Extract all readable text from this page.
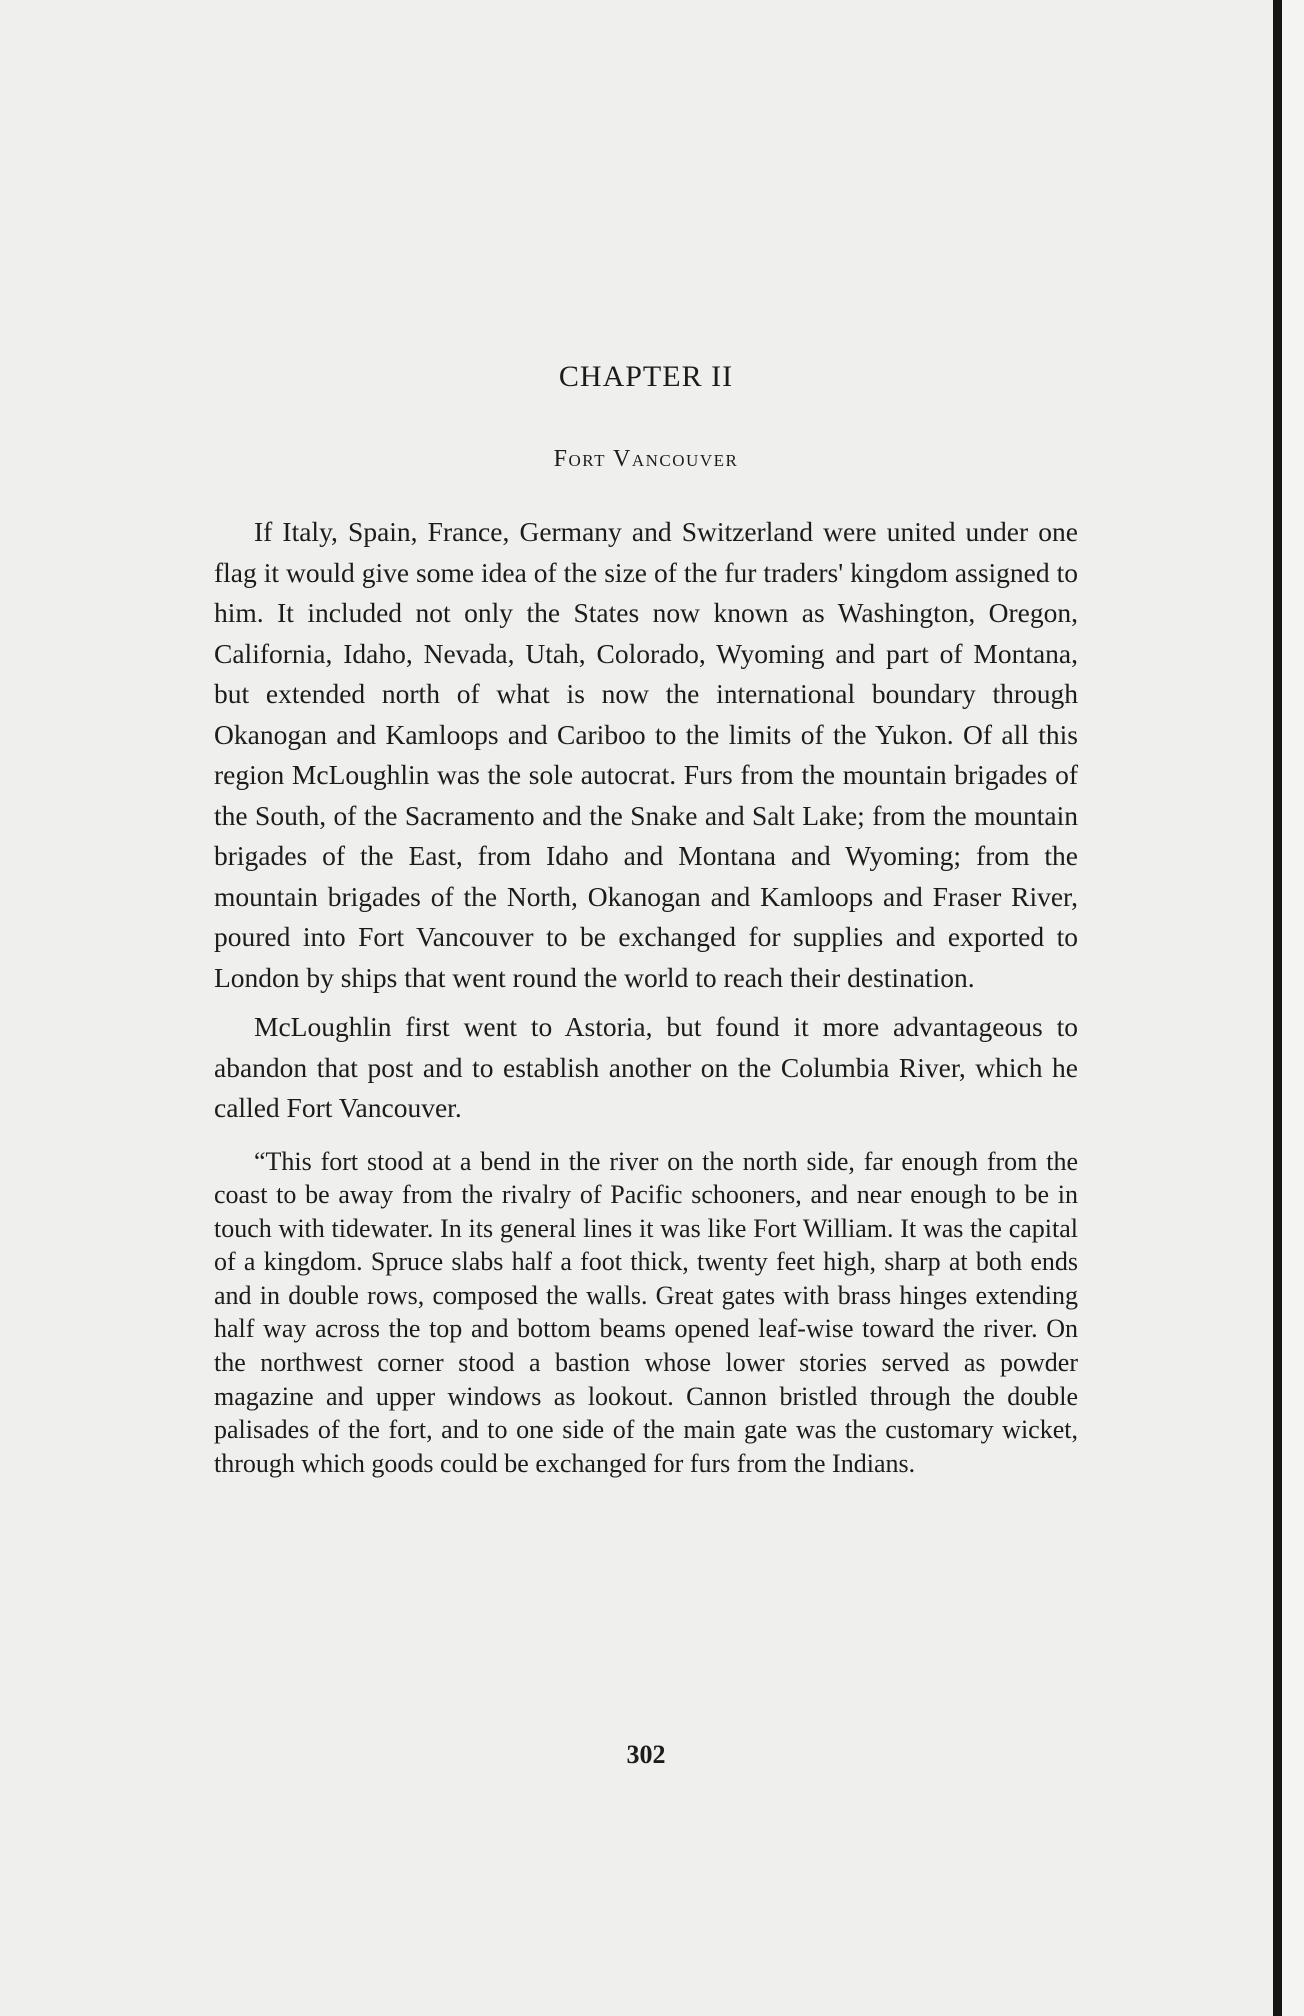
CHAPTER II
Fort Vancouver

If Italy, Spain, France, Germany and Switzerland were united under one flag it would give some idea of the size of the fur traders' kingdom assigned to him. It included not only the States now known as Washington, Oregon, California, Idaho, Nevada, Utah, Colorado, Wyoming and part of Montana, but extended north of what is now the international boundary through Okanogan and Kamloops and Cariboo to the limits of the Yukon. Of all this region McLoughlin was the sole autocrat. Furs from the mountain brigades of the South, of the Sacramento and the Snake and Salt Lake; from the mountain brigades of the East, from Idaho and Montana and Wyoming; from the mountain brigades of the North, Okanogan and Kamloops and Fraser River, poured into Fort Vancouver to be exchanged for supplies and exported to London by ships that went round the world to reach their destination.

McLoughlin first went to Astoria, but found it more advantageous to abandon that post and to establish another on the Columbia River, which he called Fort Vancouver.

“This fort stood at a bend in the river on the north side, far enough from the coast to be away from the rivalry of Pacific schooners, and near enough to be in touch with tidewater. In its general lines it was like Fort William. It was the capital of a kingdom. Spruce slabs half a foot thick, twenty feet high, sharp at both ends and in double rows, composed the walls. Great gates with brass hinges extending half way across the top and bottom beams opened leaf-wise toward the river. On the northwest corner stood a bastion whose lower stories served as powder magazine and upper windows as lookout. Cannon bristled through the double palisades of the fort, and to one side of the main gate was the customary wicket, through which goods could be exchanged for furs from the Indians.

302
